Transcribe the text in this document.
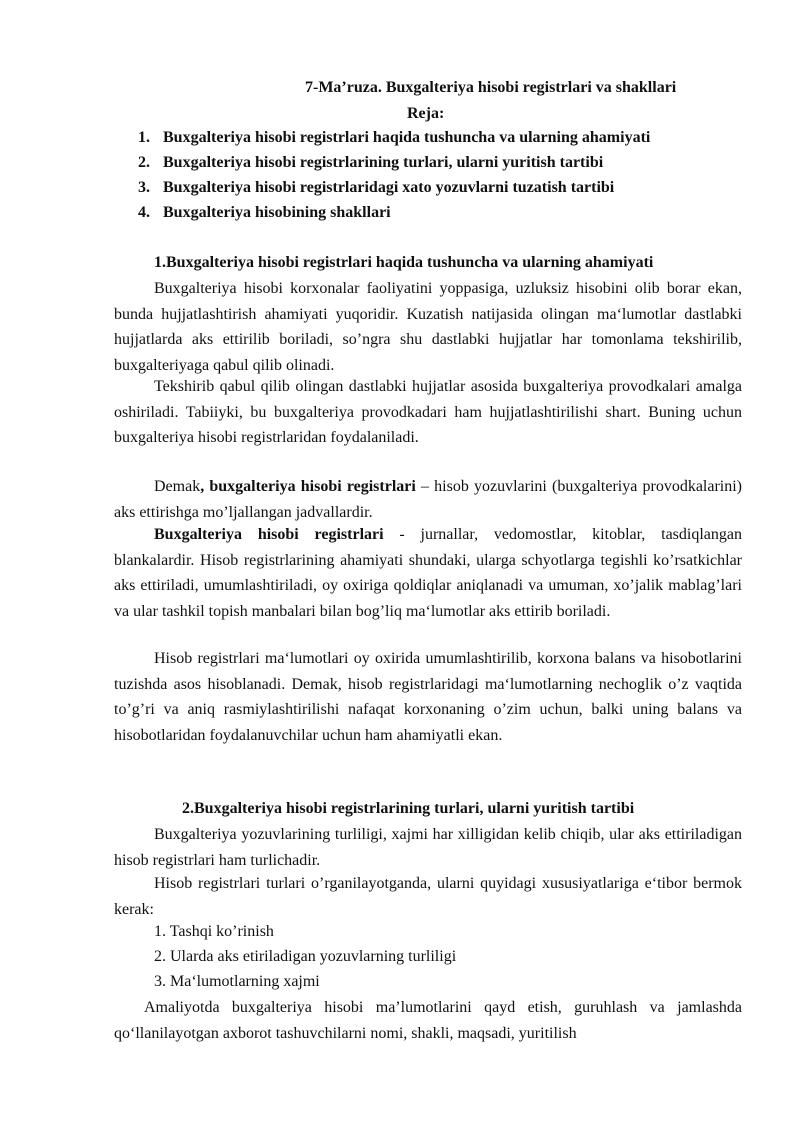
7-Ma’ruza. Buxgalteriya hisobi registrlari va shakllari
Reja:
1. Buxgalteriya hisobi registrlari haqida tushuncha va ularning ahamiyati
2. Buxgalteriya hisobi registrlarining turlari, ularni yuritish tartibi
3. Buxgalteriya hisobi registrlaridagi xato yozuvlarni tuzatish tartibi
4. Buxgalteriya hisobining shakllari
1.Buxgalteriya hisobi registrlari haqida tushuncha va ularning ahamiyati

Buxgalteriya hisobi korxonalar faoliyatini yoppasiga, uzluksiz hisobini olib borar ekan, bunda hujjatlashtirish ahamiyati yuqoridir. Kuzatish natijasida olingan ma‘lumotlar dastlabki hujjatlarda aks ettirilib boriladi, so’ngra shu dastlabki hujjatlar har tomonlama tekshirilib, buxgalteriyaga qabul qilib olinadi.

Tekshirib qabul qilib olingan dastlabki hujjatlar asosida buxgalteriya provodkalari amalga oshiriladi. Tabiiyki, bu buxgalteriya provodkadari ham hujjatlashtirilishi shart. Buning uchun buxgalteriya hisobi registrlaridan foydalaniladi.

Demak, buxgalteriya hisobi registrlari – hisob yozuvlarini (buxgalteriya provodkalarini) aks ettirishga mo’ljallangan jadvallardir.

Buxgalteriya hisobi registrlari - jurnallar, vedomostlar, kitoblar, tasdiqlangan blankalardir. Hisob registrlarining ahamiyati shundaki, ularga schyotlarga tegishli ko’rsatkichlar aks ettiriladi, umumlashtiriladi, oy oxiriga qoldiqlar aniqlanadi va umuman, xo’jalik mablag’lari va ular tashkil topish manbalari bilan bog’liq ma‘lumotlar aks ettirib boriladi.

Hisob registrlari ma‘lumotlari oy oxirida umumlashtirilib, korxona balans va hisobotlarini tuzishda asos hisoblanadi. Demak, hisob registrlaridagi ma‘lumotlarning nechoglik o’z vaqtida to’g’ri va aniq rasmiylashtirilishi nafaqat korxonaning o’zim uchun, balki uning balans va hisobotlaridan foydalanuvchilar uchun ham ahamiyatli ekan.

2.Buxgalteriya hisobi registrlarining turlari, ularni yuritish tartibi

Buxgalteriya yozuvlarining turliligi, xajmi har xilligidan kelib chiqib, ular aks ettiriladigan hisob registrlari ham turlichadir.

Hisob registrlari turlari o’rganilayotganda, ularni quyidagi xususiyatlariga e‘tibor bermok kerak:

1. Tashqi ko’rinish
2. Ularda aks etiriladigan yozuvlarning turliligi
3. Ma‘lumotlarning xajmi

Amaliyotda buxgalteriya hisobi ma’lumotlarini qayd etish, guruhlash va jamlashda qo‘llanilayotgan axborot tashuvchilarni nomi, shakli, maqsadi, yuritilish
